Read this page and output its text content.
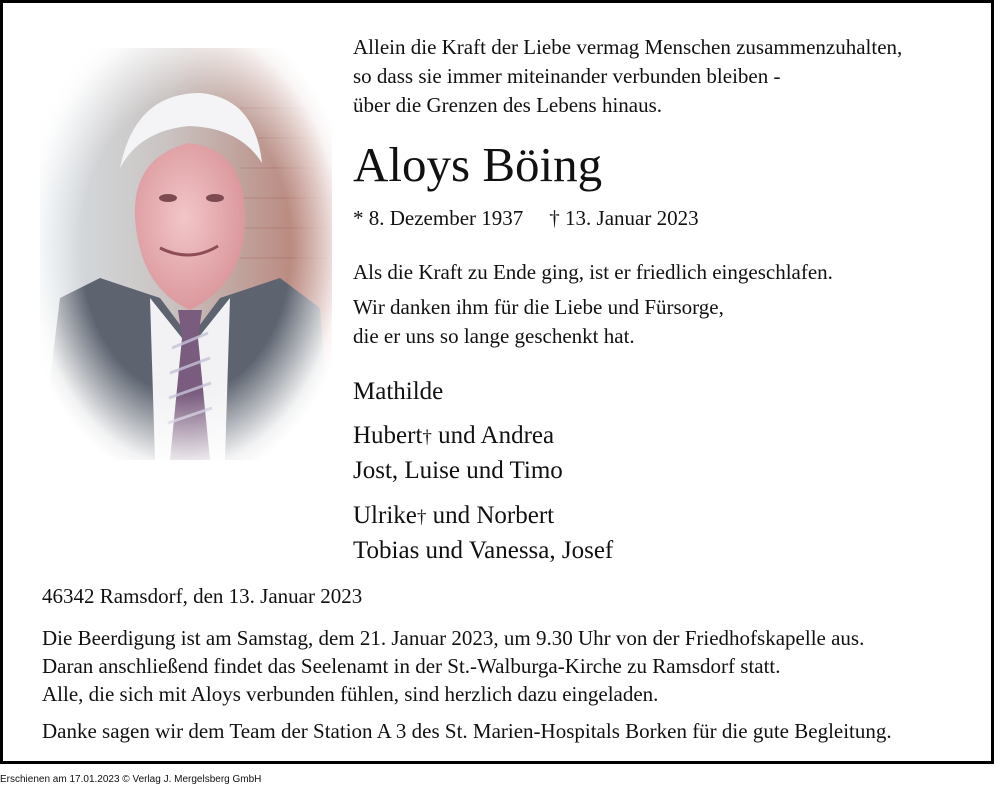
Allein die Kraft der Liebe vermag Menschen zusammenzuhalten,

so dass sie immer miteinander verbunden bleiben -

über die Grenzen des Lebens hinaus.

Aloys Böing

* 8. Dezember 1937 † 13. Januar 2023

Als die Kraft zu Ende ging, ist er friedlich eingeschlafen.

Wir danken ihm für die Liebe und Fürsorge,

die er uns so lange geschenkt hat.

Mathilde

Hubert† und Andrea

Jost, Luise und Timo

Ulrike† und Norbert

Tobias und Vanessa, Josef

46342 Ramsdorf, den 13. Januar 2023

Die Beerdigung ist am Samstag, dem 21. Januar 2023, um 9.30 Uhr von der Friedhofskapelle aus.

Daran anschließend findet das Seelenamt in der St.-Walburga-Kirche zu Ramsdorf statt.

Alle, die sich mit Aloys verbunden fühlen, sind herzlich dazu eingeladen.

Danke sagen wir dem Team der Station A 3 des St. Marien-Hospitals Borken für die gute Begleitung.

Erschienen am 17.01.2023 © Verlag J. Mergelsberg GmbH
